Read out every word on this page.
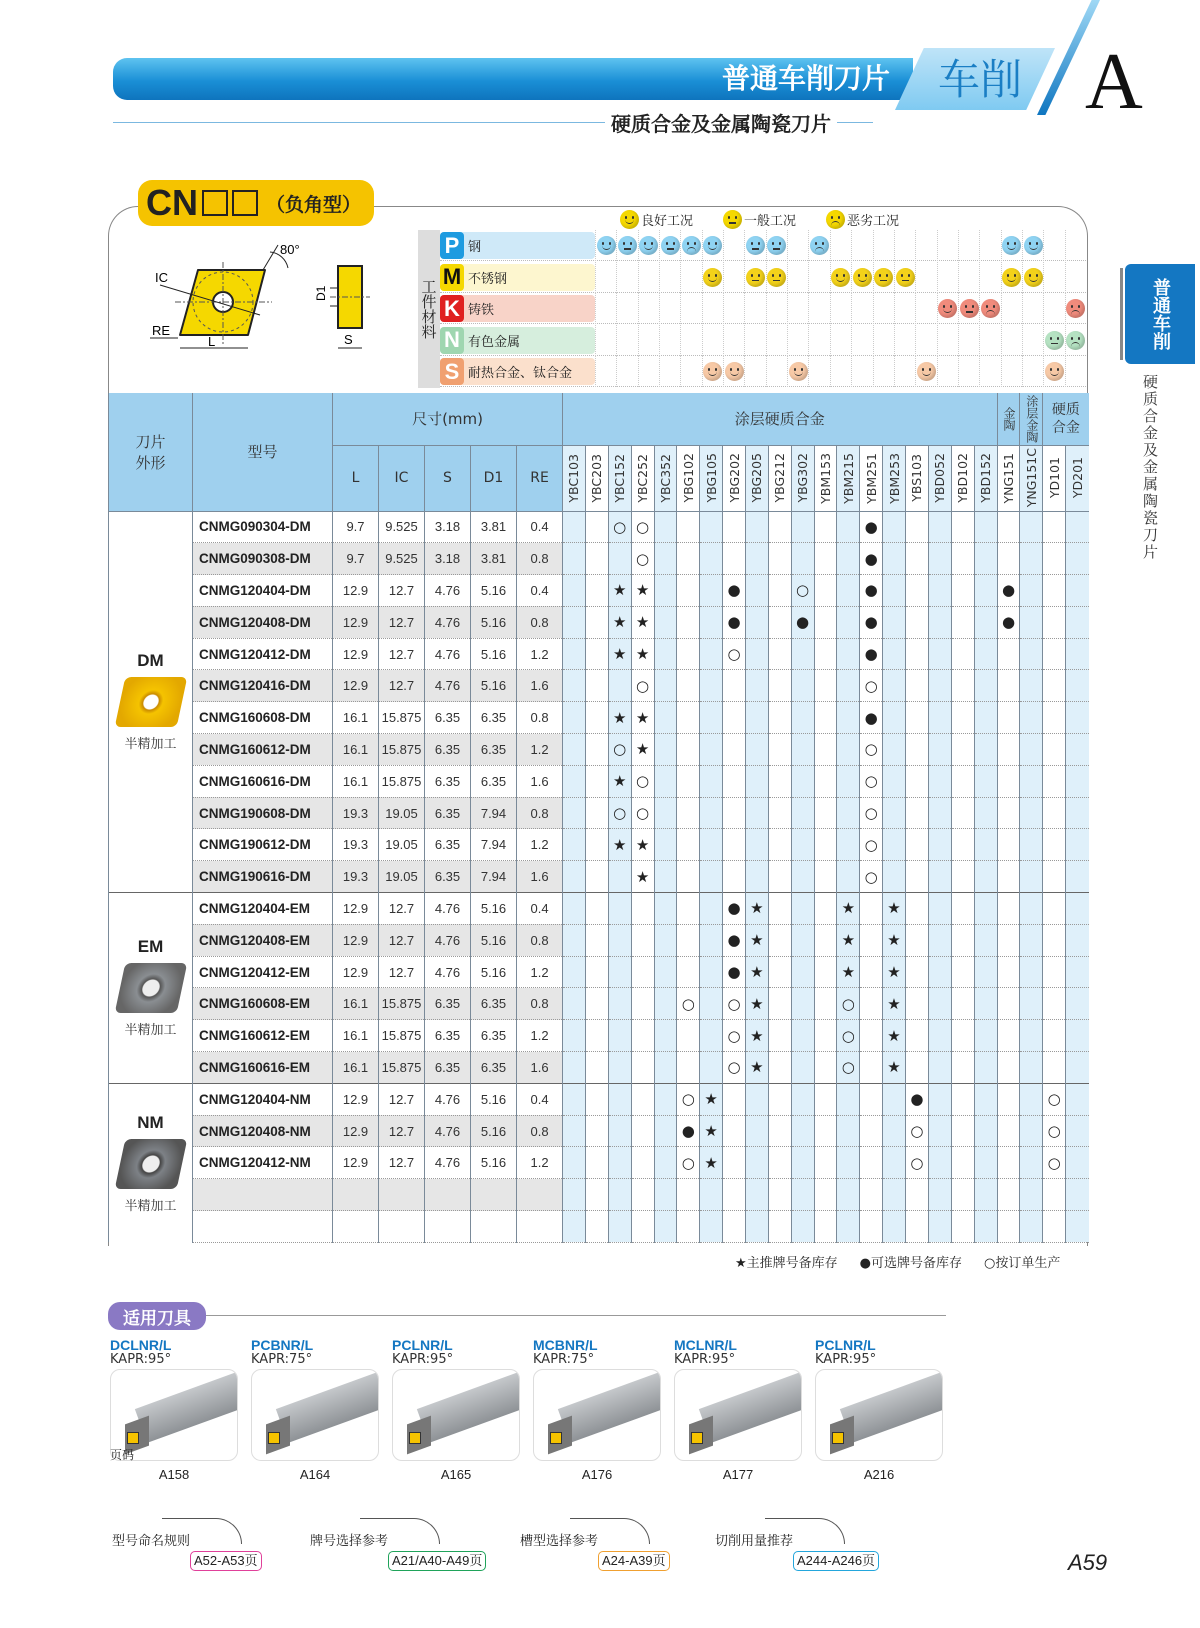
普通车削刀片	车削 A
硬质合金及金属陶瓷刀片
普通车削
硬质合金及金属陶瓷刀片
CN	（负角型）
80°
IC
RE
L
D1
S
良好工况	一般工况	恶劣工况
工件材料
P 钢
M 不锈钢
K 铸铁
N 有色金属
S 耐热合金、钛合金
刀片外形	型号	尺寸(mm)					涂层硬质合金																			金陶	涂层金陶	硬质合金	

		L	IC	S	D1	RE	YBC103	YBC203	YBC152	YBC252	YBC352	YBG102	YBG105	YBG202	YBG205	YBG212	YBG302	YBM153	YBM215	YBM251	YBM253	YBS103	YBD052	YBD102	YBD152	YNG151	YNG151C	YD101	YD201

DM
半精加工	CNMG090304-DM	9.7	9.525	3.18	3.81	0.4			○	○										●									
	CNMG090308-DM	9.7	9.525	3.18	3.81	0.8				○										●									
	CNMG120404-DM	12.9	12.7	4.76	5.16	0.4			★	★				●			○			●						●			
	CNMG120408-DM	12.9	12.7	4.76	5.16	0.8			★	★				●			●			●						●			
	CNMG120412-DM	12.9	12.7	4.76	5.16	1.2			★	★				○						●									
	CNMG120416-DM	12.9	12.7	4.76	5.16	1.6				○										○									
	CNMG160608-DM	16.1	15.875	6.35	6.35	0.8			★	★										●									
	CNMG160612-DM	16.1	15.875	6.35	6.35	1.2			○	★										○									
	CNMG160616-DM	16.1	15.875	6.35	6.35	1.6			★	○										○									
	CNMG190608-DM	19.3	19.05	6.35	7.94	0.8			○	○										○									
	CNMG190612-DM	19.3	19.05	6.35	7.94	1.2			★	★										○									
	CNMG190616-DM	19.3	19.05	6.35	7.94	1.6				★										○									

EM
半精加工	CNMG120404-EM	12.9	12.7	4.76	5.16	0.4								●	★				★		★								
	CNMG120408-EM	12.9	12.7	4.76	5.16	0.8								●	★				★		★								
	CNMG120412-EM	12.9	12.7	4.76	5.16	1.2								●	★				★		★								
	CNMG160608-EM	16.1	15.875	6.35	6.35	0.8						○		○	★				○		★								
	CNMG160612-EM	16.1	15.875	6.35	6.35	1.2								○	★				○		★								
	CNMG160616-EM	16.1	15.875	6.35	6.35	1.6								○	★				○		★								

NM
半精加工	CNMG120404-NM	12.9	12.7	4.76	5.16	0.4						○	★									●						○	
	CNMG120408-NM	12.9	12.7	4.76	5.16	0.8						●	★									○						○	
	CNMG120412-NM	12.9	12.7	4.76	5.16	1.2						○	★									○						○	

★主推牌号备库存 ●可选牌号备库存 ○按订单生产
适用刀具
DCLNR/L
KAPR:95°
A158
PCBNR/L
KAPR:75°
A164
PCLNR/L
KAPR:95°
A165
MCBNR/L
KAPR:75°
A176
MCLNR/L
KAPR:95°
A177
PCLNR/L
KAPR:95°
A216
页码
型号命名规则
A52-A53页
牌号选择参考
A21/A40-A49页
槽型选择参考
A24-A39页
切削用量推荐
A244-A246页	A59
